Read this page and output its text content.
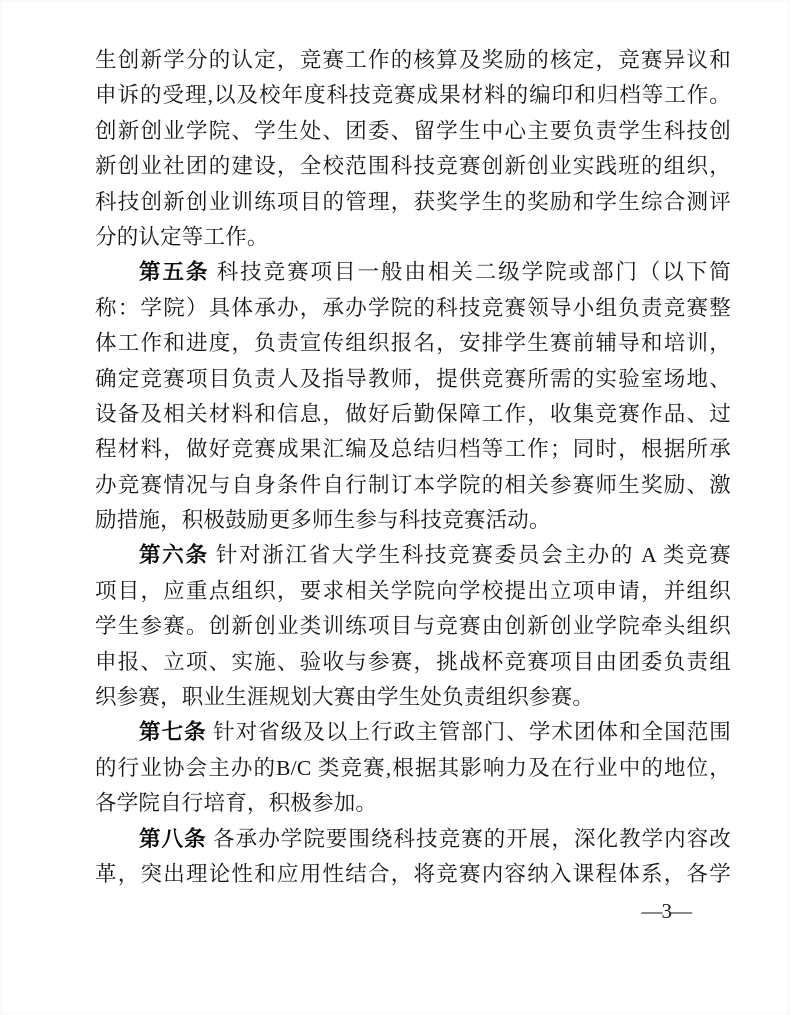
生创新学分的认定，竞赛工作的核算及奖励的核定，竞赛异议和
申诉的受理,以及校年度科技竞赛成果材料的编印和归档等工作。
创新创业学院、学生处、团委、留学生中心主要负责学生科技创
新创业社团的建设，全校范围科技竞赛创新创业实践班的组织，
科技创新创业训练项目的管理，获奖学生的奖励和学生综合测评
分的认定等工作。
第五条 科技竞赛项目一般由相关二级学院或部门（以下简
称：学院）具体承办，承办学院的科技竞赛领导小组负责竞赛整
体工作和进度，负责宣传组织报名，安排学生赛前辅导和培训，
确定竞赛项目负责人及指导教师，提供竞赛所需的实验室场地、
设备及相关材料和信息，做好后勤保障工作，收集竞赛作品、过
程材料，做好竞赛成果汇编及总结归档等工作；同时，根据所承
办竞赛情况与自身条件自行制订本学院的相关参赛师生奖励、激
励措施，积极鼓励更多师生参与科技竞赛活动。
第六条 针对浙江省大学生科技竞赛委员会主办的 A 类竞赛
项目，应重点组织，要求相关学院向学校提出立项申请，并组织
学生参赛。创新创业类训练项目与竞赛由创新创业学院牵头组织
申报、立项、实施、验收与参赛，挑战杯竞赛项目由团委负责组
织参赛，职业生涯规划大赛由学生处负责组织参赛。
第七条 针对省级及以上行政主管部门、学术团体和全国范围
的行业协会主办的B/C 类竞赛,根据其影响力及在行业中的地位，
各学院自行培育，积极参加。
第八条 各承办学院要围绕科技竞赛的开展，深化教学内容改
革，突出理论性和应用性结合，将竞赛内容纳入课程体系，各学
—3—
